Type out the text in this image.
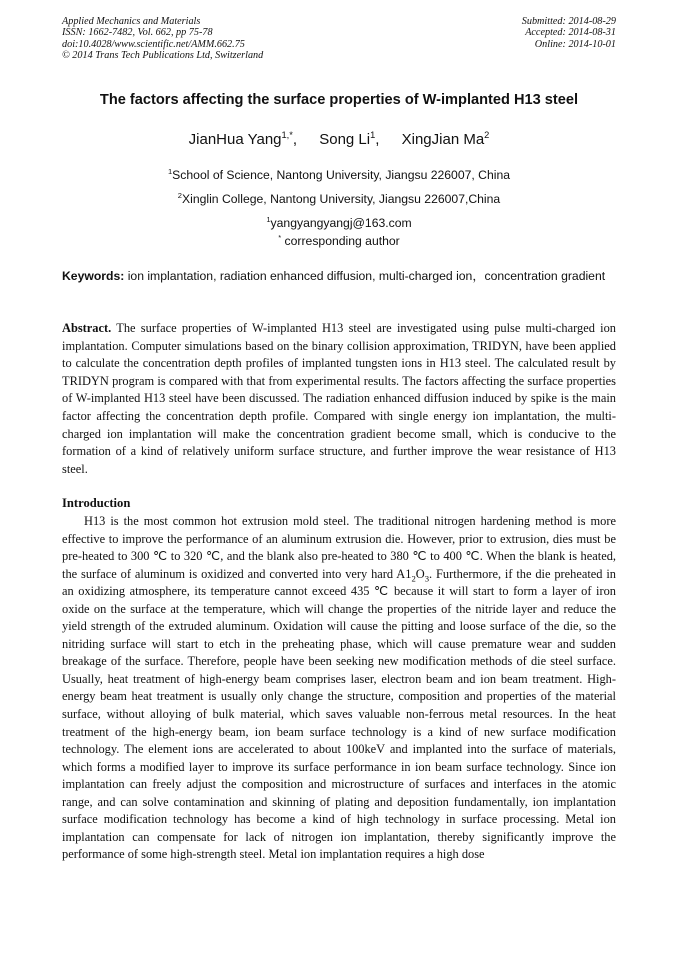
Applied Mechanics and Materials
ISSN: 1662-7482, Vol. 662, pp 75-78
doi:10.4028/www.scientific.net/AMM.662.75
© 2014 Trans Tech Publications Ltd, Switzerland
Submitted: 2014-08-29
Accepted: 2014-08-31
Online: 2014-10-01
The factors affecting the surface properties of W-implanted H13 steel
JianHua Yang$^{1,*}$, Song Li$^1$, XingJian Ma$^2$
$^1$School of Science, Nantong University, Jiangsu 226007, China
$^2$Xinglin College, Nantong University, Jiangsu 226007,China
$^1$yangyangyangj@163.com
* corresponding author
Keywords: ion implantation, radiation enhanced diffusion, multi-charged ion，concentration gradient
Abstract. The surface properties of W-implanted H13 steel are investigated using pulse multi-charged ion implantation. Computer simulations based on the binary collision approximation, TRIDYN, have been applied to calculate the concentration depth profiles of implanted tungsten ions in H13 steel. The calculated result by TRIDYN program is compared with that from experimental results. The factors affecting the surface properties of W-implanted H13 steel have been discussed. The radiation enhanced diffusion induced by spike is the main factor affecting the concentration depth profile. Compared with single energy ion implantation, the multi-charged ion implantation will make the concentration gradient become small, which is conducive to the formation of a kind of relatively uniform surface structure, and further improve the wear resistance of H13 steel.
Introduction
H13 is the most common hot extrusion mold steel. The traditional nitrogen hardening method is more effective to improve the performance of an aluminum extrusion die. However, prior to extrusion, dies must be pre-heated to 300 ℃ to 320 ℃, and the blank also pre-heated to 380 ℃ to 400 ℃. When the blank is heated, the surface of aluminum is oxidized and converted into very hard $A1_2O_3$. Furthermore, if the die preheated in an oxidizing atmosphere, its temperature cannot exceed 435 ℃ because it will start to form a layer of iron oxide on the surface at the temperature, which will change the properties of the nitride layer and reduce the yield strength of the extruded aluminum. Oxidation will cause the pitting and loose surface of the die, so the nitriding surface will start to etch in the preheating phase, which will cause premature wear and sudden breakage of the surface. Therefore, people have been seeking new modification methods of die steel surface. Usually, heat treatment of high-energy beam comprises laser, electron beam and ion beam treatment. High-energy beam heat treatment is usually only change the structure, composition and properties of the material surface, without alloying of bulk material, which saves valuable non-ferrous metal resources. In the heat treatment of the high-energy beam, ion beam surface technology is a kind of new surface modification technology. The element ions are accelerated to about 100keV and implanted into the surface of materials, which forms a modified layer to improve its surface performance in ion beam surface technology. Since ion implantation can freely adjust the composition and microstructure of surfaces and interfaces in the atomic range, and can solve contamination and skinning of plating and deposition fundamentally, ion implantation surface modification technology has become a kind of high technology in surface processing. Metal ion implantation can compensate for lack of nitrogen ion implantation, thereby significantly improve the performance of some high-strength steel. Metal ion implantation requires a high dose
